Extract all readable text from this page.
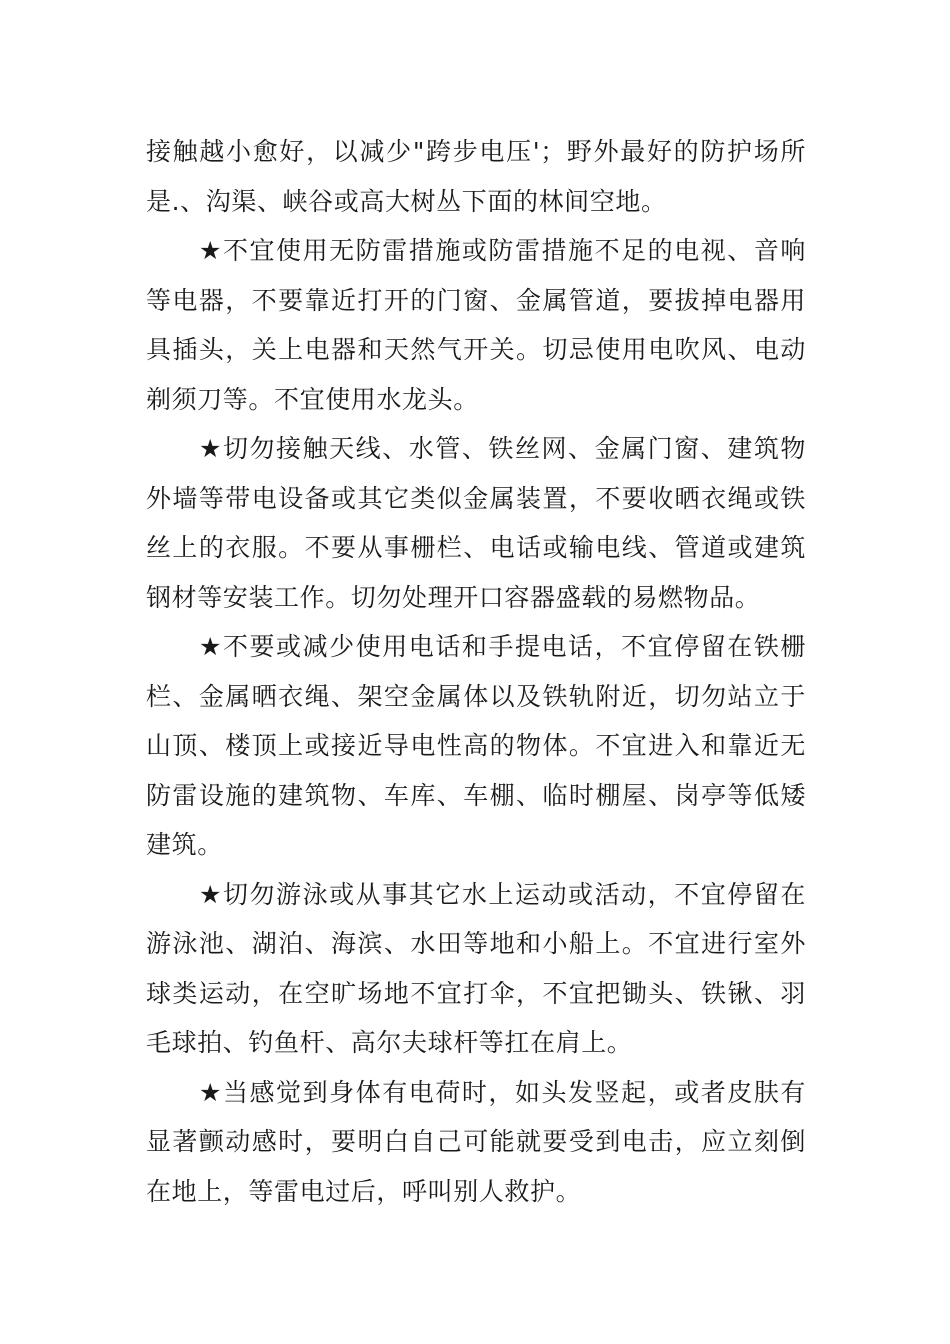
接触越小愈好，以减少"跨步电压'；野外最好的防护场所是.、沟渠、峡谷或高大树丛下面的林间空地。

★不宜使用无防雷措施或防雷措施不足的电视、音响等电器，不要靠近打开的门窗、金属管道，要拔掉电器用具插头，关上电器和天然气开关。切忌使用电吹风、电动剃须刀等。不宜使用水龙头。

★切勿接触天线、水管、铁丝网、金属门窗、建筑物外墙等带电设备或其它类似金属装置，不要收晒衣绳或铁丝上的衣服。不要从事栅栏、电话或输电线、管道或建筑钢材等安装工作。切勿处理开口容器盛载的易燃物品。

★不要或减少使用电话和手提电话，不宜停留在铁栅栏、金属晒衣绳、架空金属体以及铁轨附近，切勿站立于山顶、楼顶上或接近导电性高的物体。不宜进入和靠近无防雷设施的建筑物、车库、车棚、临时棚屋、岗亭等低矮建筑。

★切勿游泳或从事其它水上运动或活动，不宜停留在游泳池、湖泊、海滨、水田等地和小船上。不宜进行室外球类运动，在空旷场地不宜打伞，不宜把锄头、铁锹、羽毛球拍、钓鱼杆、高尔夫球杆等扛在肩上。

★当感觉到身体有电荷时，如头发竖起，或者皮肤有显著颤动感时，要明白自己可能就要受到电击，应立刻倒在地上，等雷电过后，呼叫别人救护。
